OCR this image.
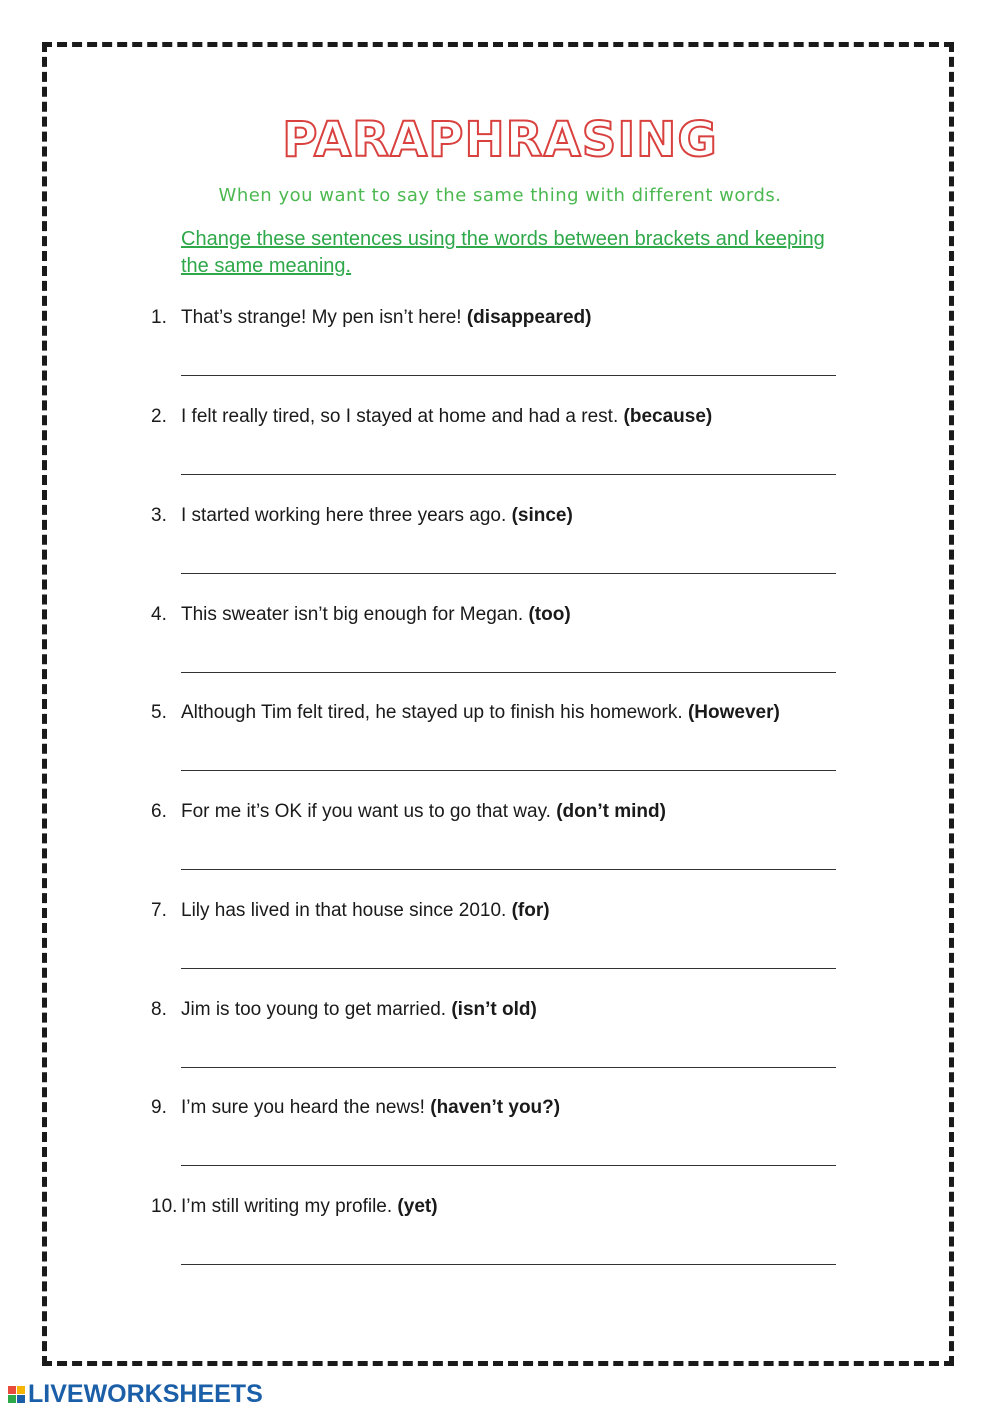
PARAPHRASING
When you want to say the same thing with different words.
Change these sentences using the words between brackets and keeping the same meaning.
1. That’s strange! My pen isn’t here! (disappeared)
2. I felt really tired, so I stayed at home and had a rest. (because)
3. I started working here three years ago. (since)
4. This sweater isn’t big enough for Megan. (too)
5. Although Tim felt tired, he stayed up to finish his homework. (However)
6. For me it’s OK if you want us to go that way. (don’t mind)
7. Lily has lived in that house since 2010. (for)
8. Jim is too young to get married. (isn’t old)
9. I’m sure you heard the news! (haven’t you?)
10. I’m still writing my profile. (yet)
LIVEWORKSHEETS
